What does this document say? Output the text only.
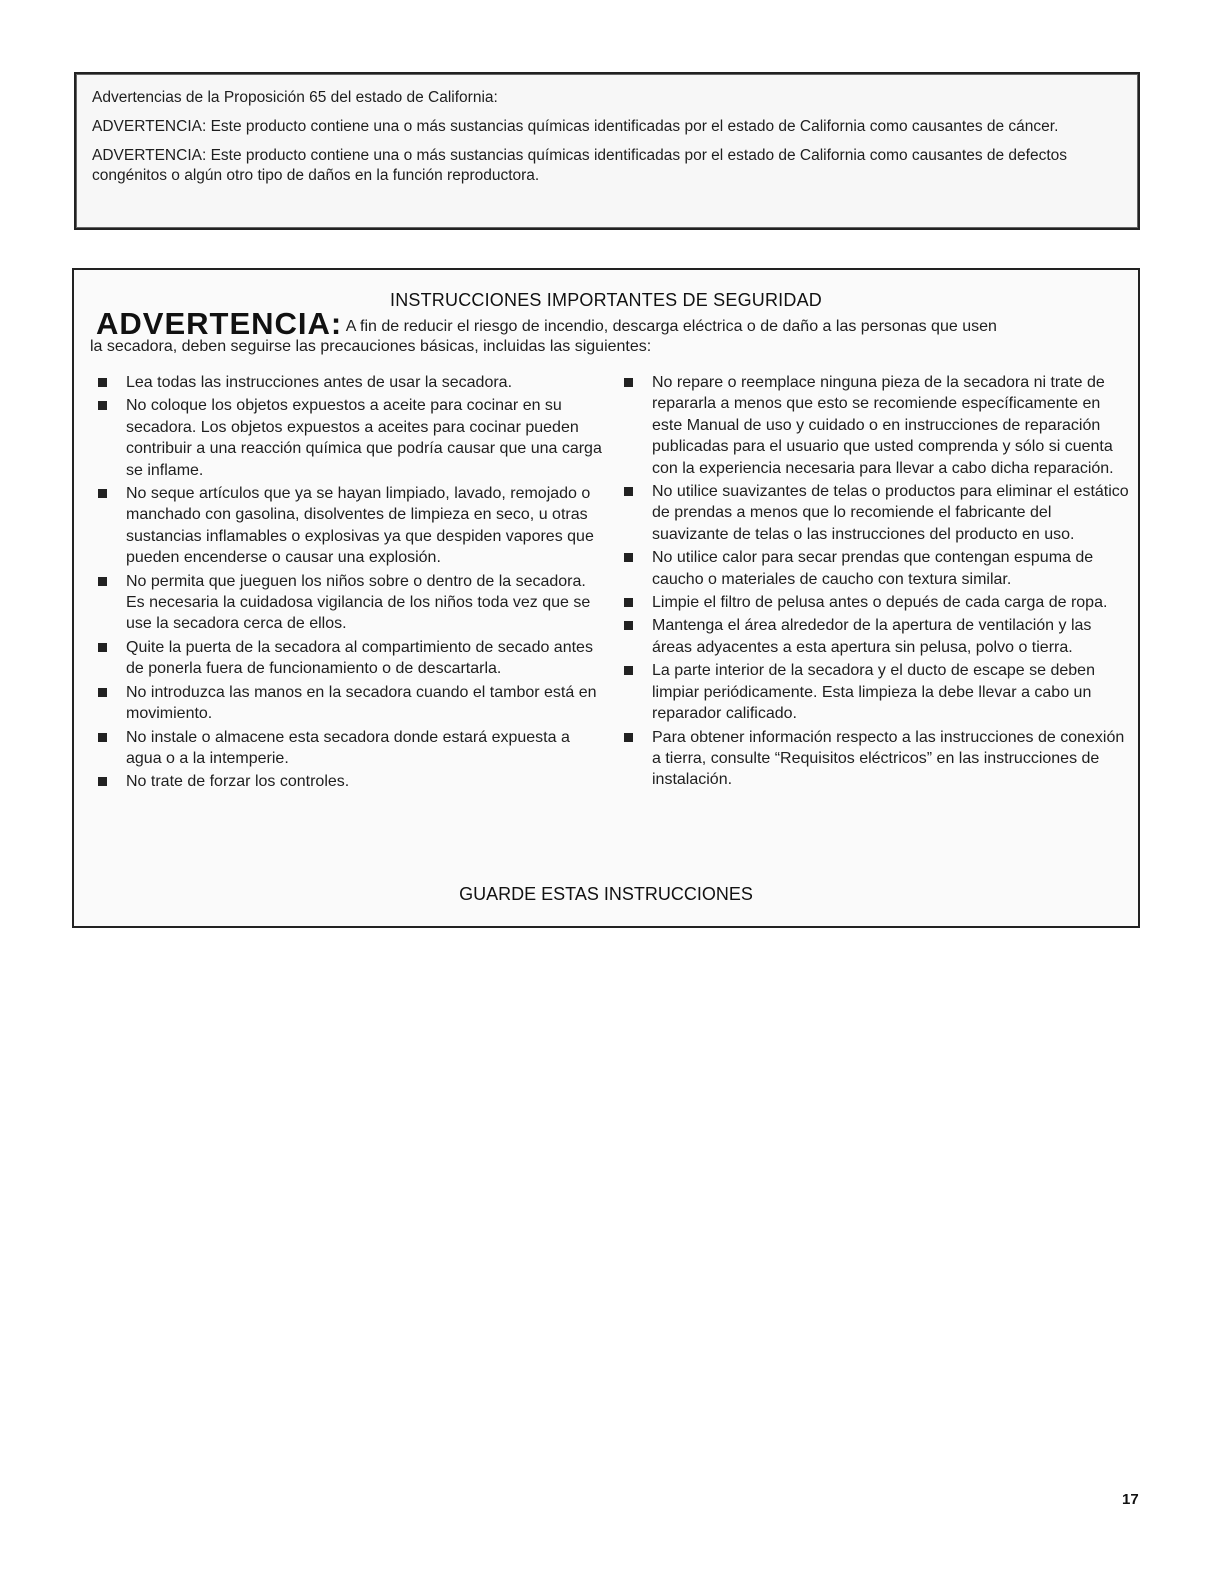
Advertencias de la Proposición 65 del estado de California:

ADVERTENCIA: Este producto contiene una o más sustancias químicas identificadas por el estado de California como causantes de cáncer.

ADVERTENCIA: Este producto contiene una o más sustancias químicas identificadas por el estado de California como causantes de defectos congénitos o algún otro tipo de daños en la función reproductora.

INSTRUCCIONES IMPORTANTES DE SEGURIDAD
ADVERTENCIA: A fin de reducir el riesgo de incendio, descarga eléctrica o de daño a las personas que usen
la secadora, deben seguirse las precauciones básicas, incluidas las siguientes:
Lea todas las instrucciones antes de usar la secadora.
No coloque los objetos expuestos a aceite para cocinar en su secadora. Los objetos expuestos a aceites para cocinar pueden contribuir a una reacción química que podría causar que una carga se inflame.
No seque artículos que ya se hayan limpiado, lavado, remojado o manchado con gasolina, disolventes de limpieza en seco, u otras sustancias inflamables o explosivas ya que despiden vapores que pueden encenderse o causar una explosión.
No permita que jueguen los niños sobre o dentro de la secadora. Es necesaria la cuidadosa vigilancia de los niños toda vez que se use la secadora cerca de ellos.
Quite la puerta de la secadora al compartimiento de secado antes de ponerla fuera de funcionamiento o de descartarla.
No introduzca las manos en la secadora cuando el tambor está en movimiento.
No instale o almacene esta secadora donde estará expuesta a agua o a la intemperie.
No trate de forzar los controles.
No repare o reemplace ninguna pieza de la secadora ni trate de repararla a menos que esto se recomiende específicamente en este Manual de uso y cuidado o en instrucciones de reparación publicadas para el usuario que usted comprenda y sólo si cuenta con la experiencia necesaria para llevar a cabo dicha reparación.
No utilice suavizantes de telas o productos para eliminar el estático de prendas a menos que lo recomiende el fabricante del suavizante de telas o las instrucciones del producto en uso.
No utilice calor para secar prendas que contengan espuma de caucho o materiales de caucho con textura similar.
Limpie el filtro de pelusa antes o depués de cada carga de ropa.
Mantenga el área alrededor de la apertura de ventilación y las áreas adyacentes a esta apertura sin pelusa, polvo o tierra.
La parte interior de la secadora y el ducto de escape se deben limpiar periódicamente. Esta limpieza la debe llevar a cabo un reparador calificado.
Para obtener información respecto a las instrucciones de conexión a tierra, consulte “Requisitos eléctricos” en las instrucciones de instalación.
GUARDE ESTAS INSTRUCCIONES
17
